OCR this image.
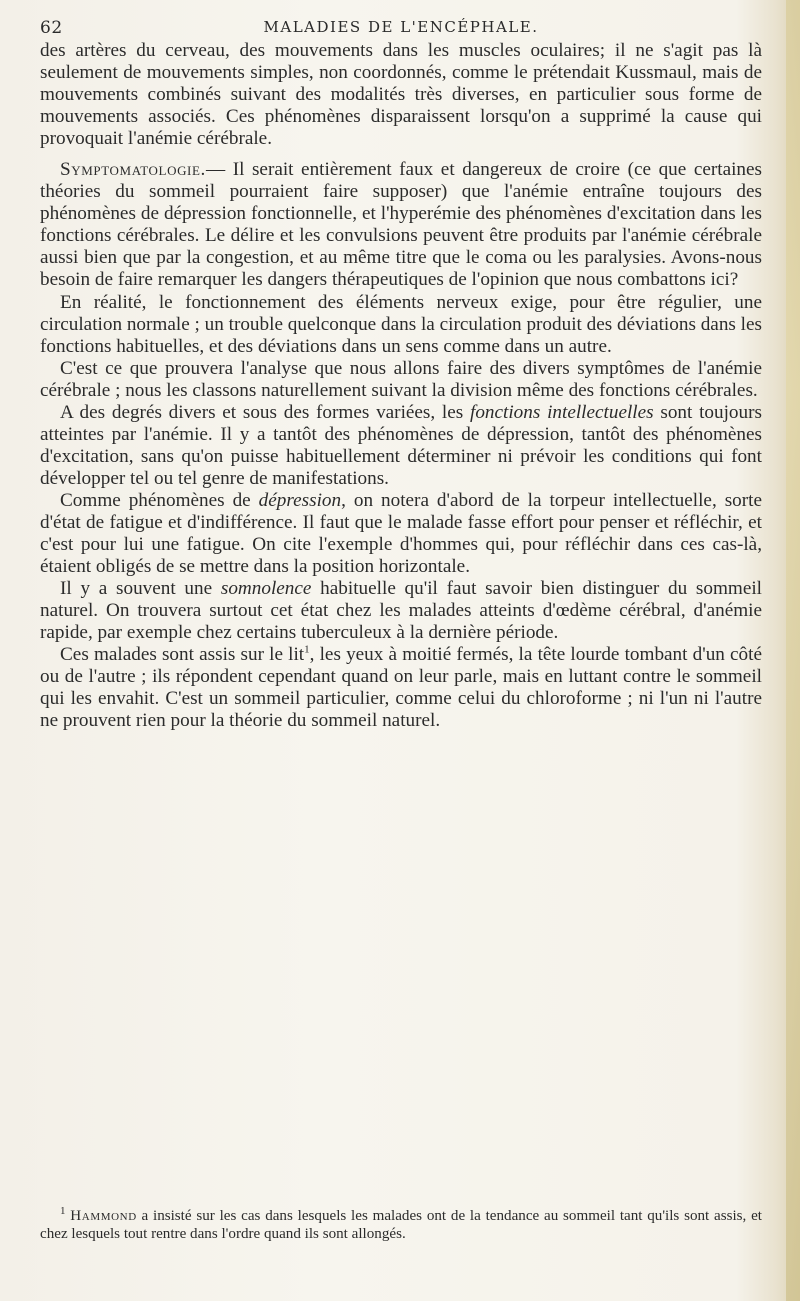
62	MALADIES DE L'ENCÉPHALE.

des artères du cerveau, des mouvements dans les muscles oculaires; il ne s'agit pas là seulement de mouvements simples, non coordonnés, comme le prétendait Kussmaul, mais de mouvements combinés suivant des modalités très diverses, en particulier sous forme de mouvements associés. Ces phénomènes disparaissent lorsqu'on a supprimé la cause qui provoquait l'anémie cérébrale.

Symptomatologie.— Il serait entièrement faux et dangereux de croire (ce que certaines théories du sommeil pourraient faire supposer) que l'anémie entraîne toujours des phénomènes de dépression fonctionnelle, et l'hyperémie des phénomènes d'excitation dans les fonctions cérébrales. Le délire et les convulsions peuvent être produits par l'anémie cérébrale aussi bien que par la congestion, et au même titre que le coma ou les paralysies. Avons-nous besoin de faire remarquer les dangers thérapeutiques de l'opinion que nous combattons ici?

En réalité, le fonctionnement des éléments nerveux exige, pour être régulier, une circulation normale ; un trouble quelconque dans la circulation produit des déviations dans les fonctions habituelles, et des déviations dans un sens comme dans un autre.

C'est ce que prouvera l'analyse que nous allons faire des divers symptômes de l'anémie cérébrale ; nous les classons naturellement suivant la division même des fonctions cérébrales.

A des degrés divers et sous des formes variées, les fonctions intellectuelles sont toujours atteintes par l'anémie. Il y a tantôt des phénomènes de dépression, tantôt des phénomènes d'excitation, sans qu'on puisse habituellement déterminer ni prévoir les conditions qui font développer tel ou tel genre de manifestations.

Comme phénomènes de dépression, on notera d'abord de la torpeur intellectuelle, sorte d'état de fatigue et d'indifférence. Il faut que le malade fasse effort pour penser et réfléchir, et c'est pour lui une fatigue. On cite l'exemple d'hommes qui, pour réfléchir dans ces cas-là, étaient obligés de se mettre dans la position horizontale.

Il y a souvent une somnolence habituelle qu'il faut savoir bien distinguer du sommeil naturel. On trouvera surtout cet état chez les malades atteints d'œdème cérébral, d'anémie rapide, par exemple chez certains tuberculeux à la dernière période.

Ces malades sont assis sur le lit$^1$, les yeux à moitié fermés, la tête lourde tombant d'un côté ou de l'autre ; ils répondent cependant quand on leur parle, mais en luttant contre le sommeil qui les envahit. C'est un sommeil particulier, comme celui du chloroforme ; ni l'un ni l'autre ne prouvent rien pour la théorie du sommeil naturel.

$^1$ Hammond a insisté sur les cas dans lesquels les malades ont de la tendance au sommeil tant qu'ils sont assis, et chez lesquels tout rentre dans l'ordre quand ils sont allongés.
